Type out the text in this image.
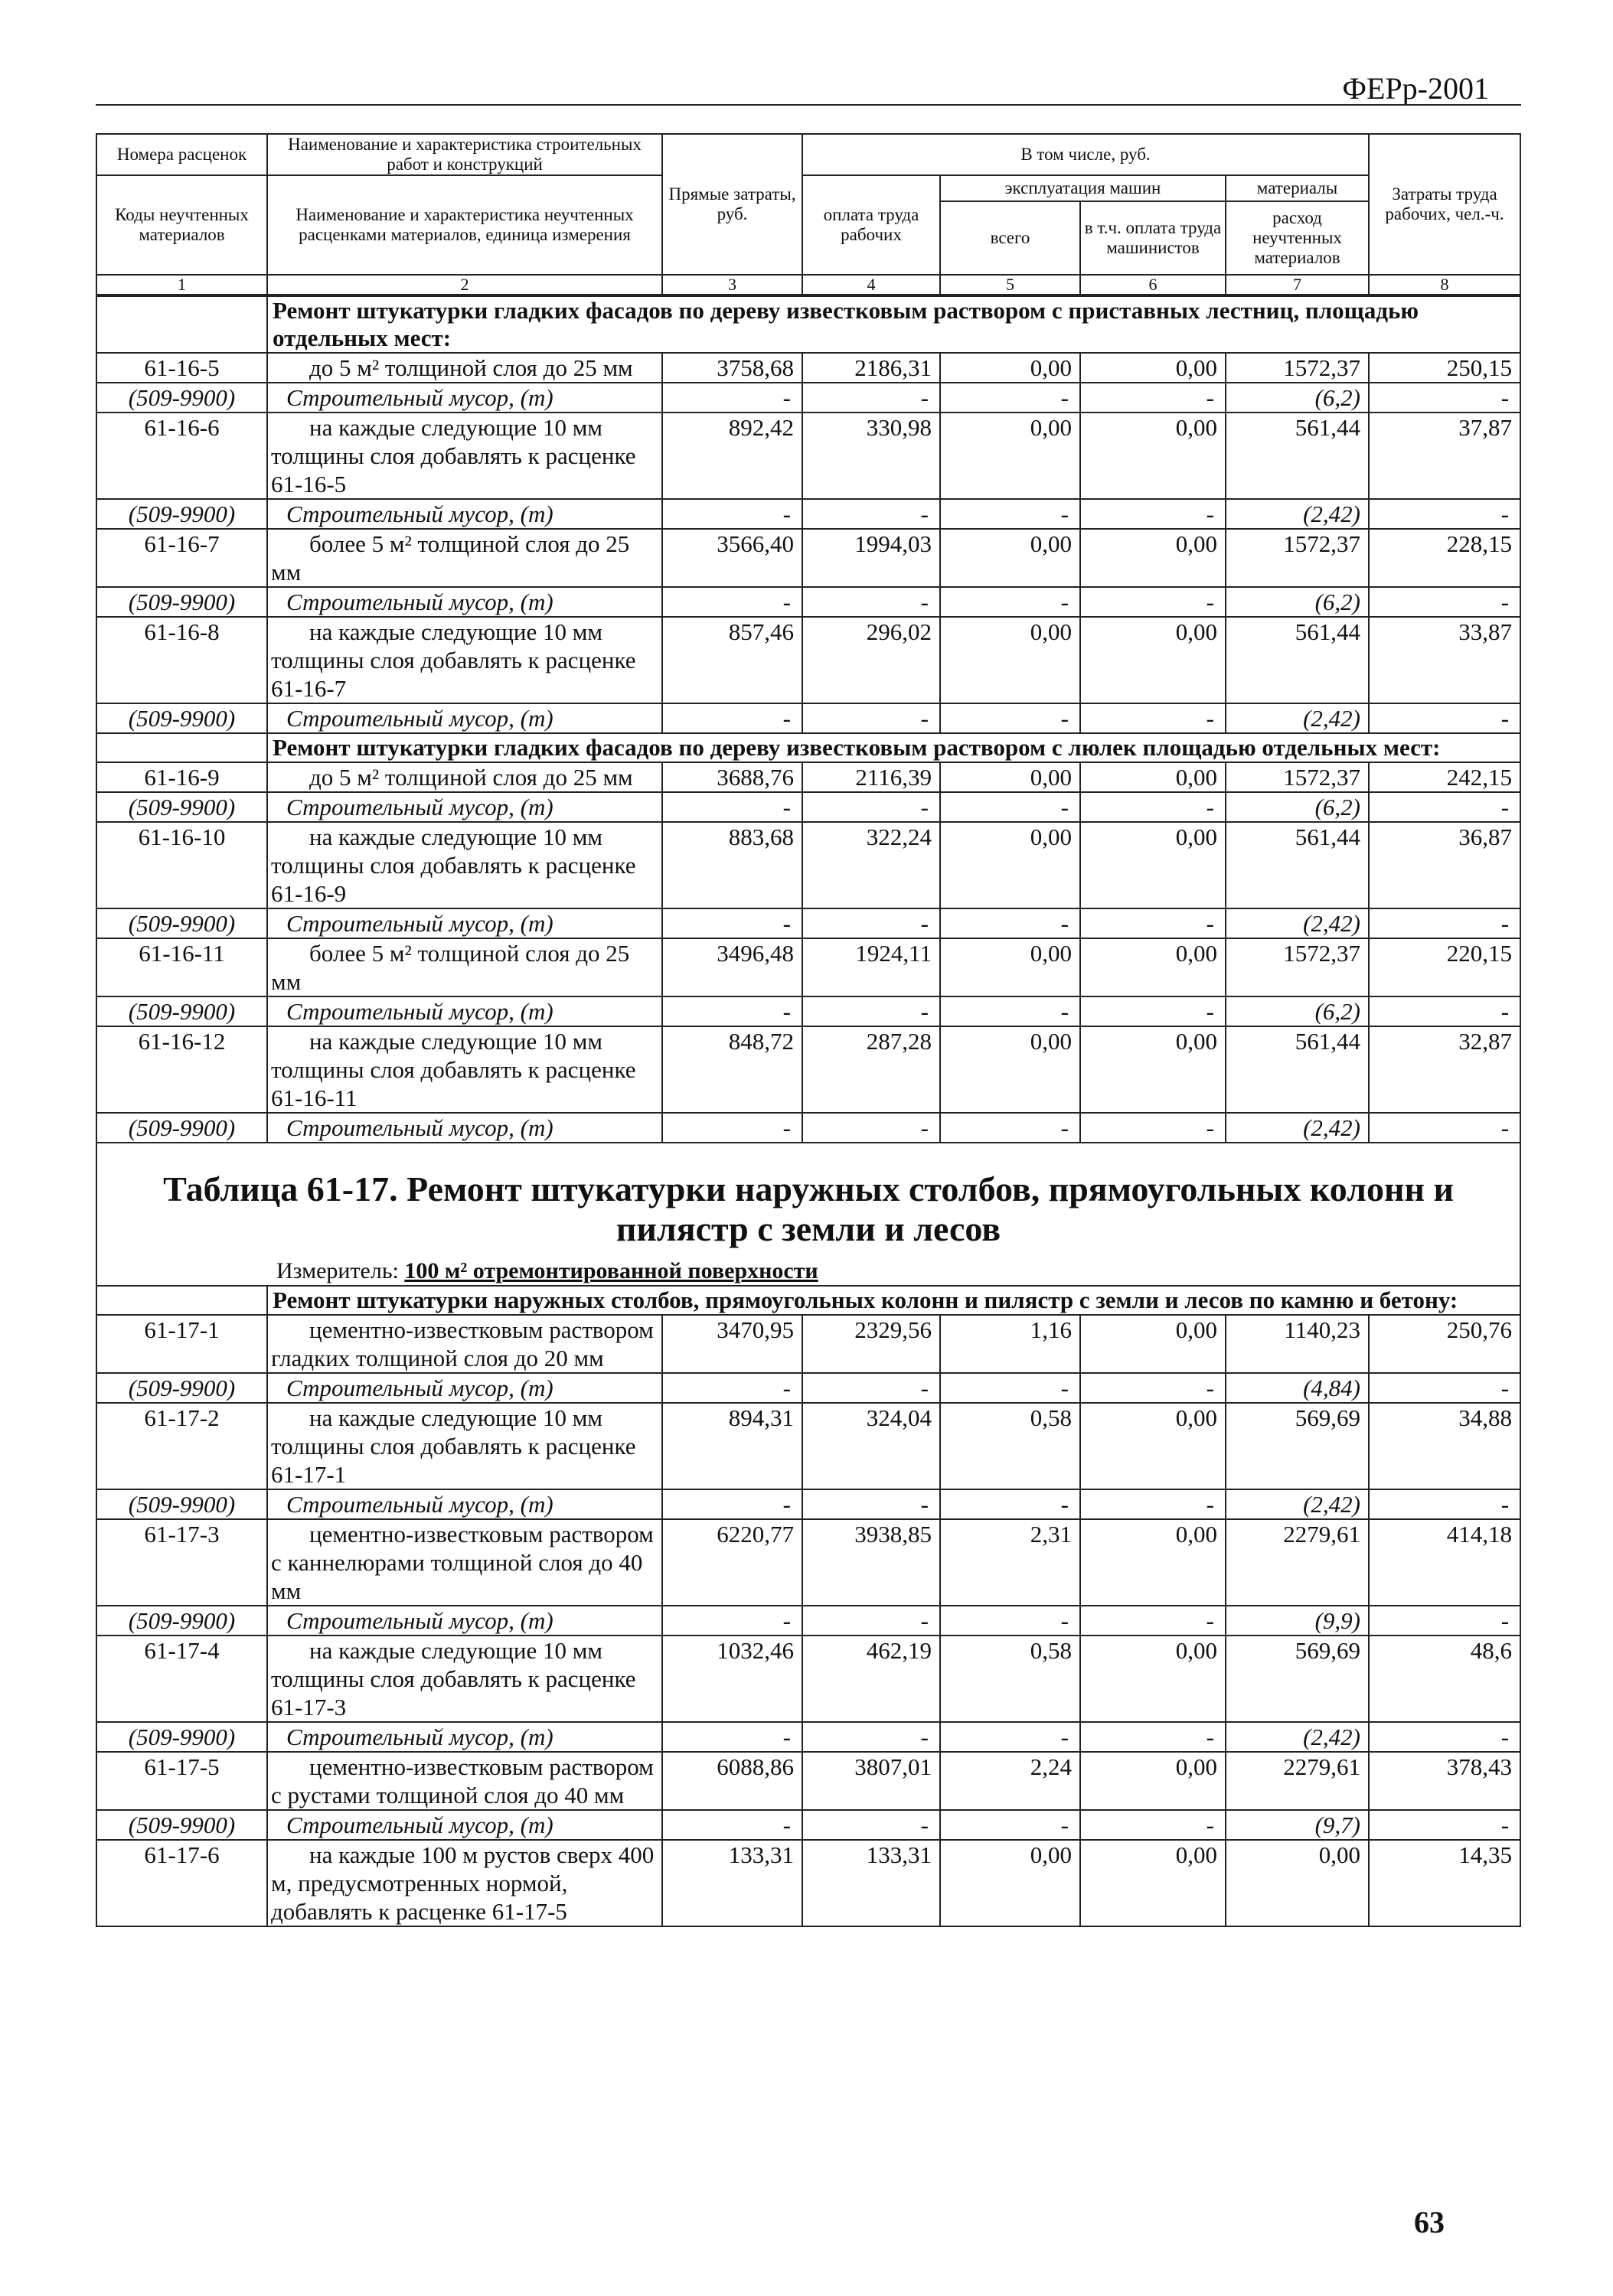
ФЕРр-2001
Номера расценок	Наименование и характеристика строительных работ и конструкций	Прямые затраты, руб.	В том числе, руб.				Затраты труда рабочих, чел.-ч.
Коды неучтенных материалов	Наименование и характеристика неучтенных расценками материалов, единица измерения		оплата труда рабочих	эксплуатация машин		материалы	
				всего	в т.ч. оплата труда машинистов	расход неучтенных материалов	
1	2	3	4	5	6	7	8
	Ремонт штукатурки гладких фасадов по дереву известковым раствором с приставных лестниц, площадью отдельных мест:						
61-16-5	до 5 м² толщиной слоя до 25 мм	3758,68	2186,31	0,00	0,00	1572,37	250,15
(509-9900)	Строительный мусор, (т)	-	-	-	-	(6,2)	-
61-16-6	на каждые следующие 10 мм толщины слоя добавлять к расценке 61-16-5	892,42	330,98	0,00	0,00	561,44	37,87
(509-9900)	Строительный мусор, (т)	-	-	-	-	(2,42)	-
61-16-7	более 5 м² толщиной слоя до 25 мм	3566,40	1994,03	0,00	0,00	1572,37	228,15
(509-9900)	Строительный мусор, (т)	-	-	-	-	(6,2)	-
61-16-8	на каждые следующие 10 мм толщины слоя добавлять к расценке 61-16-7	857,46	296,02	0,00	0,00	561,44	33,87
(509-9900)	Строительный мусор, (т)	-	-	-	-	(2,42)	-
	Ремонт штукатурки гладких фасадов по дереву известковым раствором с люлек площадью отдельных мест:						
61-16-9	до 5 м² толщиной слоя до 25 мм	3688,76	2116,39	0,00	0,00	1572,37	242,15
(509-9900)	Строительный мусор, (т)	-	-	-	-	(6,2)	-
61-16-10	на каждые следующие 10 мм толщины слоя добавлять к расценке 61-16-9	883,68	322,24	0,00	0,00	561,44	36,87
(509-9900)	Строительный мусор, (т)	-	-	-	-	(2,42)	-
61-16-11	более 5 м² толщиной слоя до 25 мм	3496,48	1924,11	0,00	0,00	1572,37	220,15
(509-9900)	Строительный мусор, (т)	-	-	-	-	(6,2)	-
61-16-12	на каждые следующие 10 мм толщины слоя добавлять к расценке 61-16-11	848,72	287,28	0,00	0,00	561,44	32,87
(509-9900)	Строительный мусор, (т)	-	-	-	-	(2,42)	-

Таблица 61-17. Ремонт штукатурки наружных столбов, прямоугольных колонн и пилястр с земли и лесов							
Измеритель: 100 м² отремонтированной поверхности							
	Ремонт штукатурки наружных столбов, прямоугольных колонн и пилястр с земли и лесов по камню и бетону:						
61-17-1	цементно-известковым раствором гладких толщиной слоя до 20 мм	3470,95	2329,56	1,16	0,00	1140,23	250,76
(509-9900)	Строительный мусор, (т)	-	-	-	-	(4,84)	-
61-17-2	на каждые следующие 10 мм толщины слоя добавлять к расценке 61-17-1	894,31	324,04	0,58	0,00	569,69	34,88
(509-9900)	Строительный мусор, (т)	-	-	-	-	(2,42)	-
61-17-3	цементно-известковым раствором с каннелюрами толщиной слоя до 40 мм	6220,77	3938,85	2,31	0,00	2279,61	414,18
(509-9900)	Строительный мусор, (т)	-	-	-	-	(9,9)	-
61-17-4	на каждые следующие 10 мм толщины слоя добавлять к расценке 61-17-3	1032,46	462,19	0,58	0,00	569,69	48,6
(509-9900)	Строительный мусор, (т)	-	-	-	-	(2,42)	-
61-17-5	цементно-известковым раствором с рустами толщиной слоя до 40 мм	6088,86	3807,01	2,24	0,00	2279,61	378,43
(509-9900)	Строительный мусор, (т)	-	-	-	-	(9,7)	-
61-17-6	на каждые 100 м рустов сверх 400 м, предусмотренных нормой, добавлять к расценке 61-17-5	133,31	133,31	0,00	0,00	0,00	14,35
63
